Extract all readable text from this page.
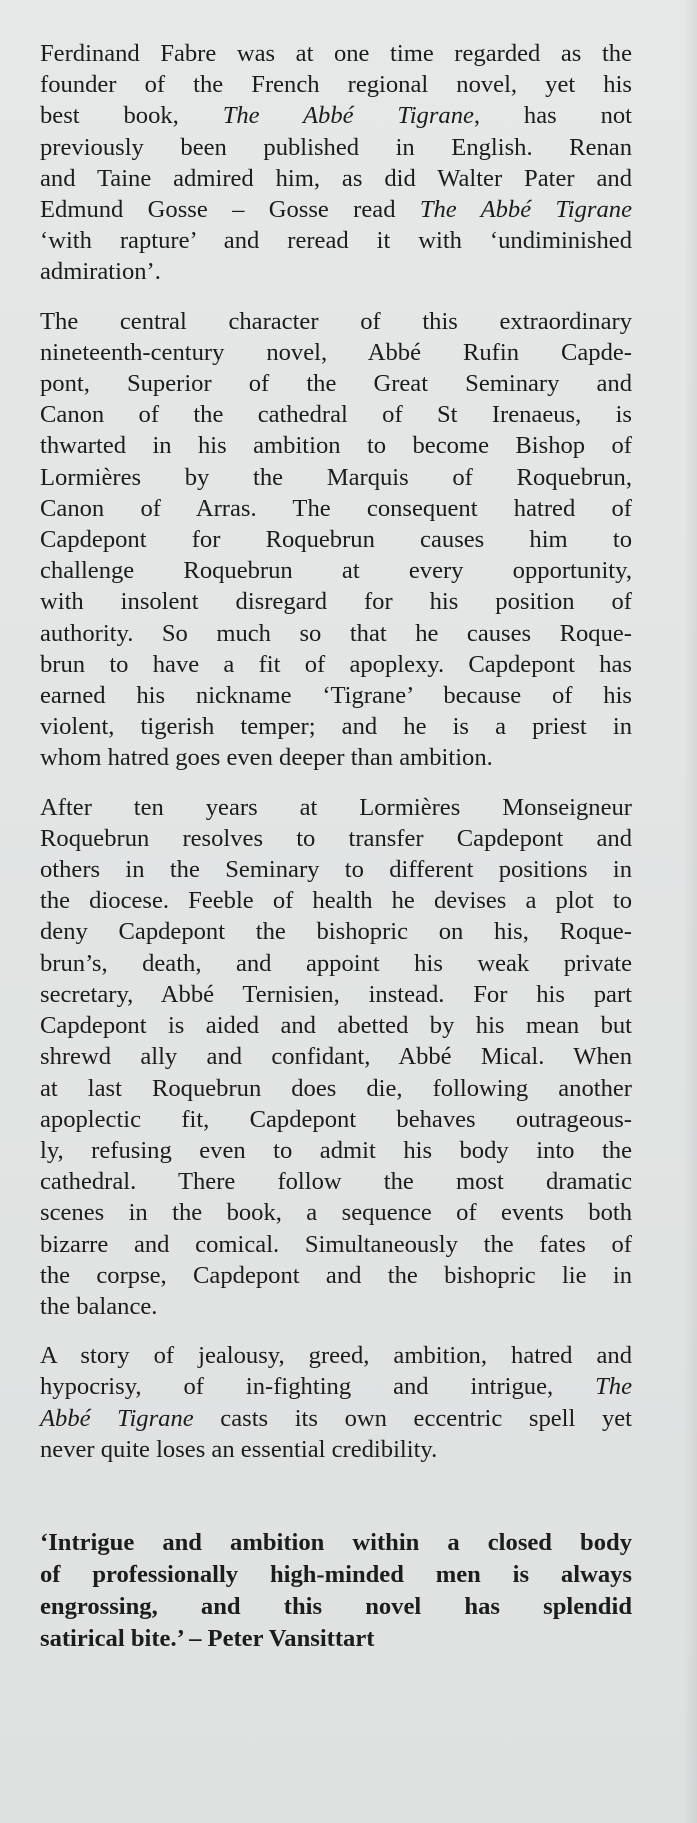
Ferdinand Fabre was at one time regarded as the
founder of the French regional novel, yet his
best book, The Abbé Tigrane, has not
previously been published in English. Renan
and Taine admired him, as did Walter Pater and
Edmund Gosse – Gosse read The Abbé Tigrane
‘with rapture’ and reread it with ‘undiminished
admiration’.
The central character of this extraordinary
nineteenth-century novel, Abbé Rufin Capde-
pont, Superior of the Great Seminary and
Canon of the cathedral of St Irenaeus, is
thwarted in his ambition to become Bishop of
Lormières by the Marquis of Roquebrun,
Canon of Arras. The consequent hatred of
Capdepont for Roquebrun causes him to
challenge Roquebrun at every opportunity,
with insolent disregard for his position of
authority. So much so that he causes Roque-
brun to have a fit of apoplexy. Capdepont has
earned his nickname ‘Tigrane’ because of his
violent, tigerish temper; and he is a priest in
whom hatred goes even deeper than ambition.
After ten years at Lormières Monseigneur
Roquebrun resolves to transfer Capdepont and
others in the Seminary to different positions in
the diocese. Feeble of health he devises a plot to
deny Capdepont the bishopric on his, Roque-
brun’s, death, and appoint his weak private
secretary, Abbé Ternisien, instead. For his part
Capdepont is aided and abetted by his mean but
shrewd ally and confidant, Abbé Mical. When
at last Roquebrun does die, following another
apoplectic fit, Capdepont behaves outrageous-
ly, refusing even to admit his body into the
cathedral. There follow the most dramatic
scenes in the book, a sequence of events both
bizarre and comical. Simultaneously the fates of
the corpse, Capdepont and the bishopric lie in
the balance.
A story of jealousy, greed, ambition, hatred and
hypocrisy, of in-fighting and intrigue, The
Abbé Tigrane casts its own eccentric spell yet
never quite loses an essential credibility.
‘Intrigue and ambition within a closed body
of professionally high-minded men is always
engrossing, and this novel has splendid
satirical bite.’ – Peter Vansittart
